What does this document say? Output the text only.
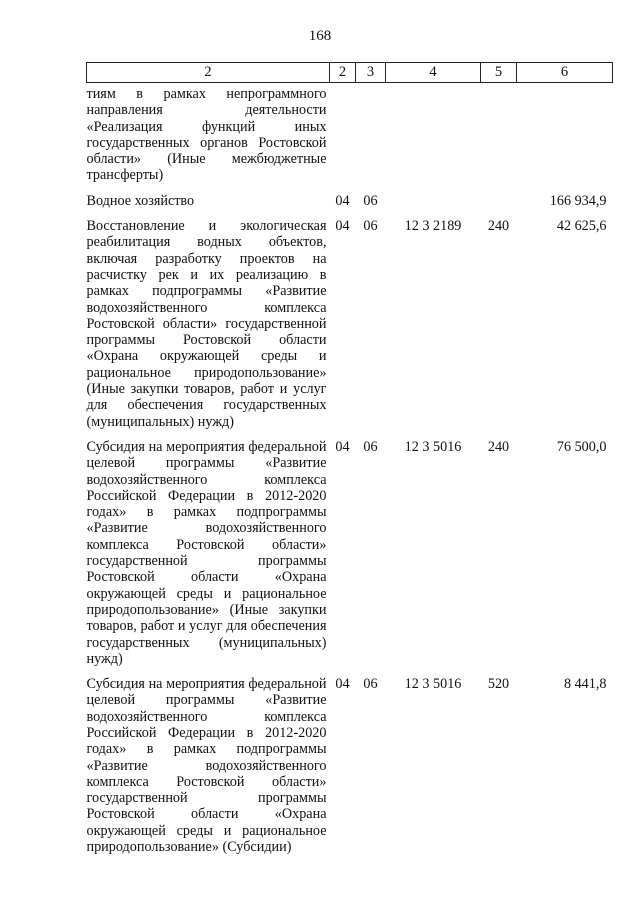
168
2	2	3	4	5	6
тиям в рамках непрограммного направления деятельности «Реализация функций иных государственных органов Ростовской области» (Иные межбюджетные трансферты)					
Водное хозяйство	04	06			166 934,9
Восстановление и экологическая реабилитация водных объектов, включая разработку проектов на расчистку рек и их реализацию в рамках подпрограммы «Развитие водохозяйственного комплекса Ростовской области» государственной программы Ростовской области «Охрана окружающей среды и рациональное природопользование» (Иные закупки товаров, работ и услуг для обеспечения государственных (муниципальных) нужд)	04	06	12 3 2189	240	42 625,6
Субсидия на мероприятия федеральной целевой программы «Развитие водохозяйственного комплекса Российской Федерации в 2012-2020 годах» в рамках подпрограммы «Развитие водохозяйственного комплекса Ростовской области» государственной программы Ростовской области «Охрана окружающей среды и рациональное природопользование» (Иные закупки товаров, работ и услуг для обеспечения государственных (муниципальных) нужд)	04	06	12 3 5016	240	76 500,0
Субсидия на мероприятия федеральной целевой программы «Развитие водохозяйственного комплекса Российской Федерации в 2012-2020 годах» в рамках подпрограммы «Развитие водохозяйственного комплекса Ростовской области» государственной программы Ростовской области «Охрана окружающей среды и рациональное природопользование» (Субсидии)	04	06	12 3 5016	520	8 441,8
